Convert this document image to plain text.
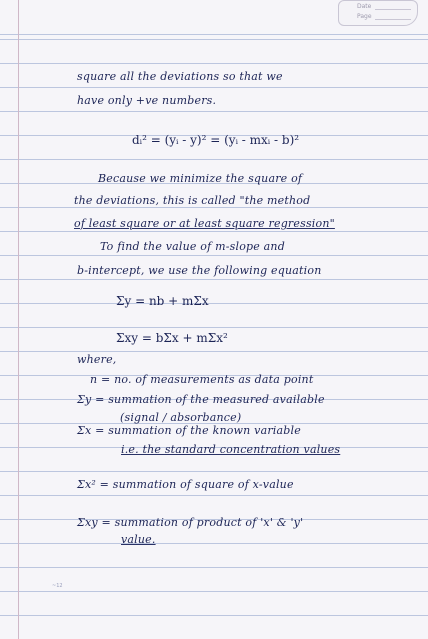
Date
Page
square all the deviations so that we
have only +ve numbers.
dᵢ² = (yᵢ - y)² = (yᵢ - mxᵢ - b)²
Because we minimize the square of
the deviations, this is called "the method
of least square or at least square regression"
To find the value of m-slope and
b-intercept, we use the following equation
Σy = nb + mΣx
Σxy = bΣx + mΣx²
where,
n = no. of measurements as data point
Σy = summation of the measured available
(signal / absorbance)
Σx = summation of the known variable
i.e. the standard concentration values
Σx² = summation of square of x-value
Σxy = summation of product of 'x' & 'y'
value.
~12
